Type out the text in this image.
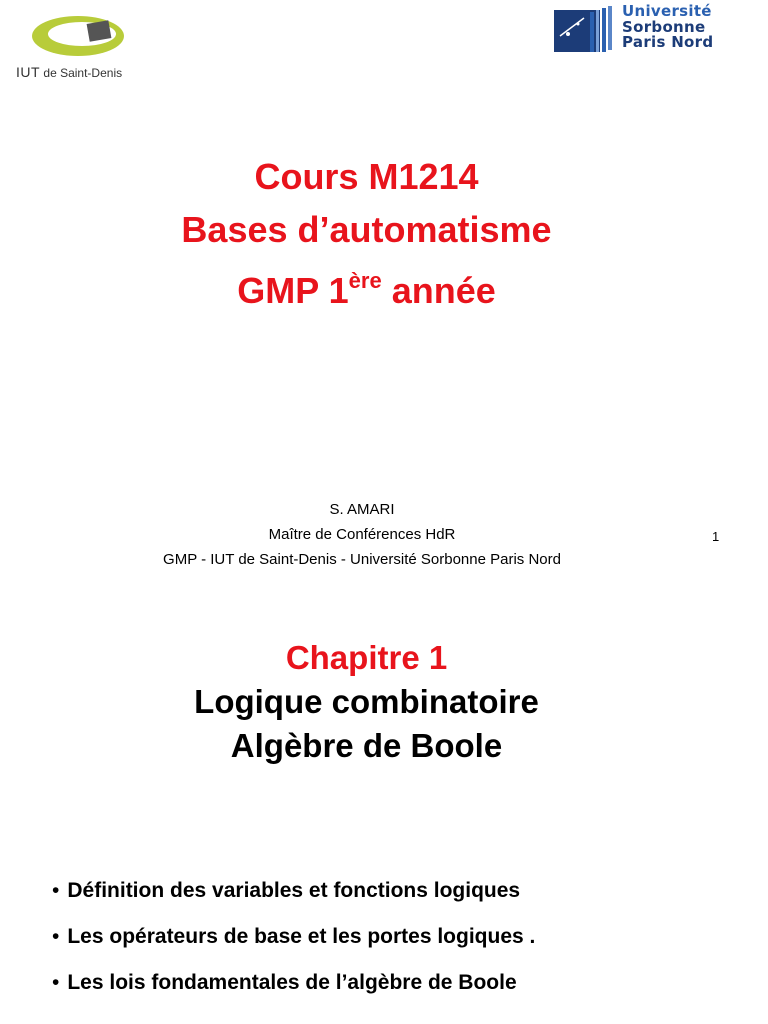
IUT de Saint-Denis
Université
Sorbonne
Paris Nord
Cours M1214
Bases d’automatisme
GMP 1ère année
S. AMARI
Maître de Conférences HdR
GMP - IUT de Saint-Denis - Université Sorbonne Paris Nord
1
Chapitre 1
Logique combinatoire
Algèbre de Boole
• Définition des variables et fonctions logiques
• Les opérateurs de base et les portes logiques .
• Les lois fondamentales de l’algèbre de Boole
